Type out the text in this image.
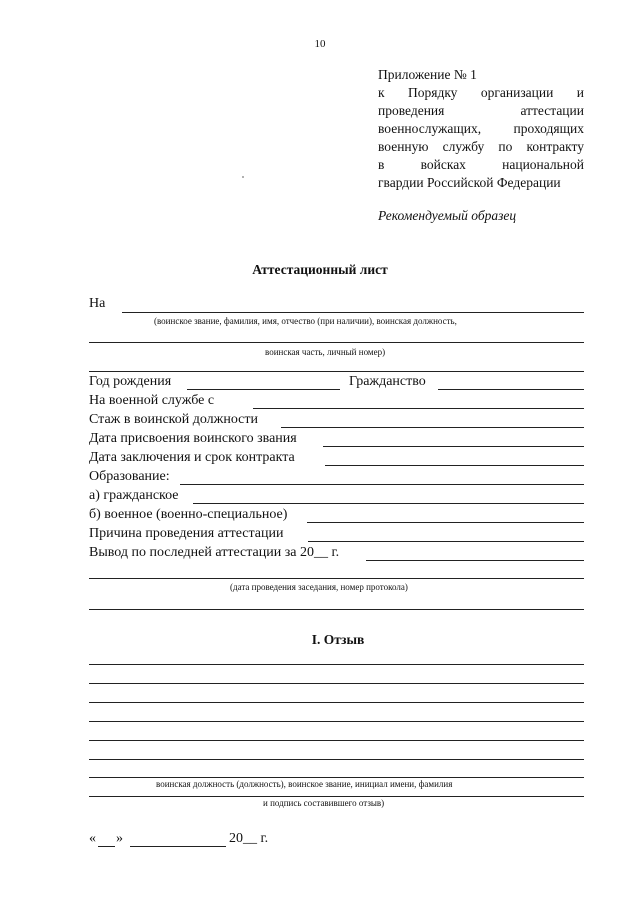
10
Приложение № 1
к Порядку организации и
проведения аттестации
военнослужащих, проходящих
военную службу по контракту
в войсках национальной
гвардии Российской Федерации
Рекомендуемый образец
Аттестационный лист
На
(воинское звание, фамилия, имя, отчество (при наличии), воинская должность,
воинская часть, личный номер)
Год рождения	Гражданство
На военной службе с
Стаж в воинской должности
Дата присвоения воинского звания
Дата заключения и срок контракта
Образование:
а) гражданское
б) военное (военно-специальное)
Причина проведения аттестации
Вывод по последней аттестации за 20__ г.
(дата проведения заседания, номер протокола)
I. Отзыв
воинская должность (должность), воинское звание, инициал имени, фамилия
и подпись составившего отзыв)
« »	20__ г.
